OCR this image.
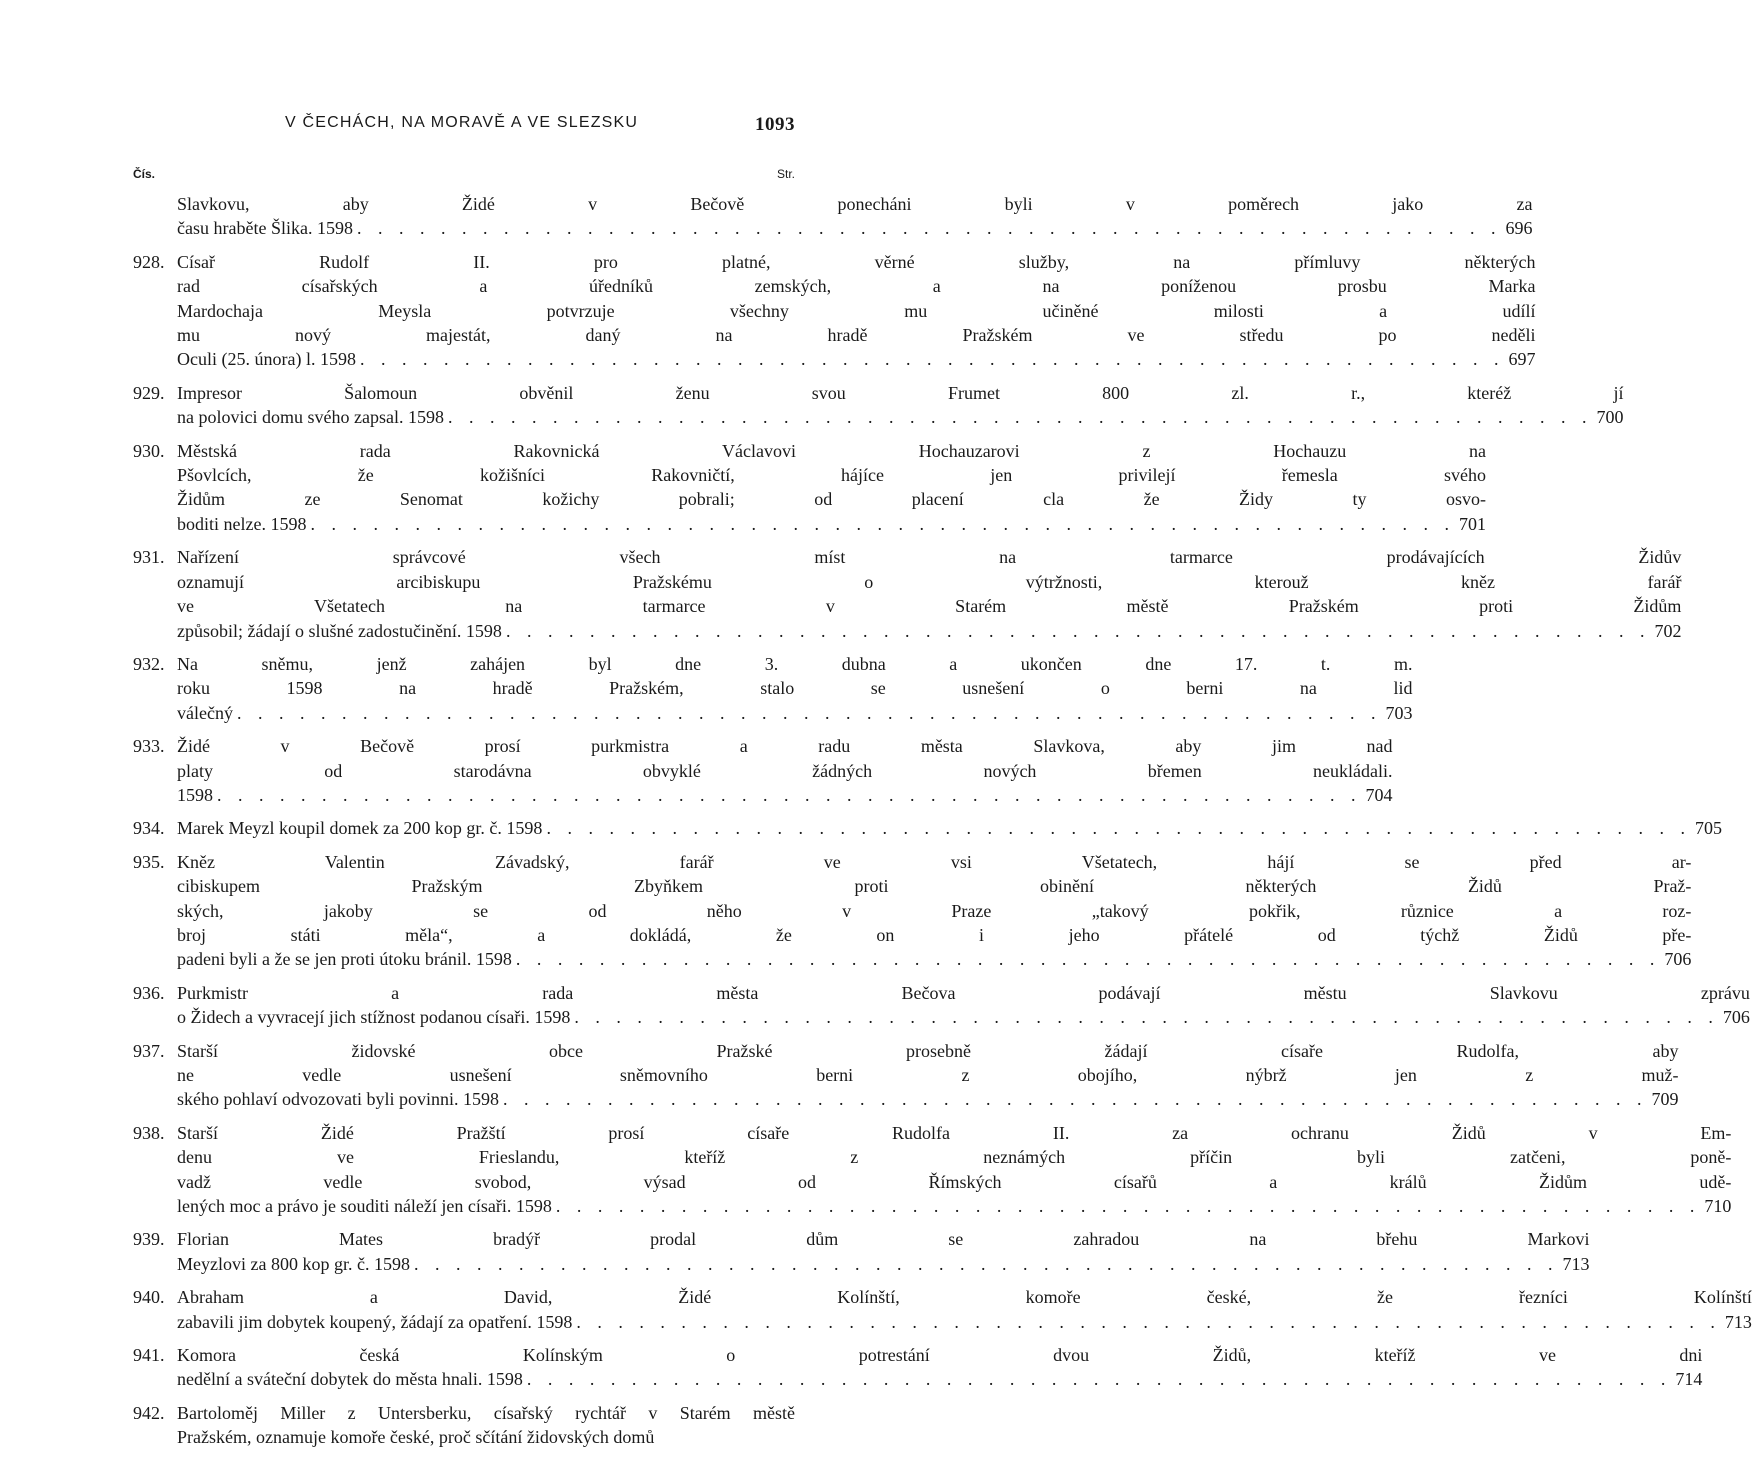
V ČECHÁCH, NA MORAVĚ A VE SLEZSKU	1093
Čís.	Str.
Slavkovu, aby Židé v Bečově ponecháni byli v poměrech jako za
času hraběte Šlika. 1598 . . .	696
928. Císař Rudolf II. pro platné, věrné služby, na přímluvy některých
rad císařských a úředníků zemských, a na poníženou prosbu Marka
Mardochaja Meysla potvrzuje všechny mu učiněné milosti a udílí
mu nový majestát, daný na hradě Pražském ve středu po neděli
Oculi (25. února) l. 1598 . . .	697
929. Impresor Šalomoun obvěnil ženu svou Frumet 800 zl. r., kteréž jí
na polovici domu svého zapsal. 1598 . . .	700
930. Městská rada Rakovnická Václavovi Hochauzarovi z Hochauzu na
Pšovlcích, že kožišníci Rakovničtí, hájíce jen privilejí řemesla svého
Židům ze Senomat kožichy pobrali; od placení cla že Židy ty osvo-
boditi nelze. 1598 . . .	701
931. Nařízení správcové všech míst na tarmarce prodávajících Židův
oznamují arcibiskupu Pražskému o výtržnosti, kterouž kněz farář
ve Všetatech na tarmarce v Starém městě Pražském proti Židům
způsobil; žádají o slušné zadostučinění. 1598 . . .	702
932. Na sněmu, jenž zahájen byl dne 3. dubna a ukončen dne 17. t. m.
roku 1598 na hradě Pražském, stalo se usnešení o berni na lid
válečný . . .	703
933. Židé v Bečově prosí purkmistra a radu města Slavkova, aby jim nad
platy od starodávna obvyklé žádných nových břemen neukládali.
1598 . . .	704
934. Marek Meyzl koupil domek za 200 kop gr. č. 1598 . . .	705
935. Kněz Valentin Závadský, farář ve vsi Všetatech, hájí se před ar-
cibiskupem Pražským Zbyňkem proti obinění některých Židů Praž-
ských, jakoby se od něho v Praze „takový pokřik, různice a roz-
broj státi měla“, a dokládá, že on i jeho přátelé od týchž Židů pře-
padeni byli a že se jen proti útoku bránil. 1598 . . .	706
936. Purkmistr a rada města Bečova podávají městu Slavkovu zprávu
o Židech a vyvracejí jich stížnost podanou císaři. 1598 . . .	706
937. Starší židovské obce Pražské prosebně žádají císaře Rudolfa, aby
ne vedle usnešení sněmovního berni z obojího, nýbrž jen z muž-
ského pohlaví odvozovati byli povinni. 1598 . . .	709
938. Starší Židé Pražští prosí císaře Rudolfa II. za ochranu Židů v Em-
denu ve Frieslandu, kteříž z neznámých příčin byli zatčeni, poně-
vadž vedle svobod, výsad od Římských císařů a králů Židům udě-
lených moc a právo je souditi náleží jen císaři. 1598 . . .	710
939. Florian Mates bradýř prodal dům se zahradou na břehu Markovi
Meyzlovi za 800 kop gr. č. 1598 . . .	713
940. Abraham a David, Židé Kolínští, komoře české, že řezníci Kolínští
zabavili jim dobytek koupený, žádají za opatření. 1598 . . .	713
941. Komora česká Kolínským o potrestání dvou Židů, kteříž ve dni
nedělní a sváteční dobytek do města hnali. 1598 . . .	714
942. Bartoloměj Miller z Untersberku, císařský rychtář v Starém městě
Pražském, oznamuje komoře české, proč sčítání židovských domů
